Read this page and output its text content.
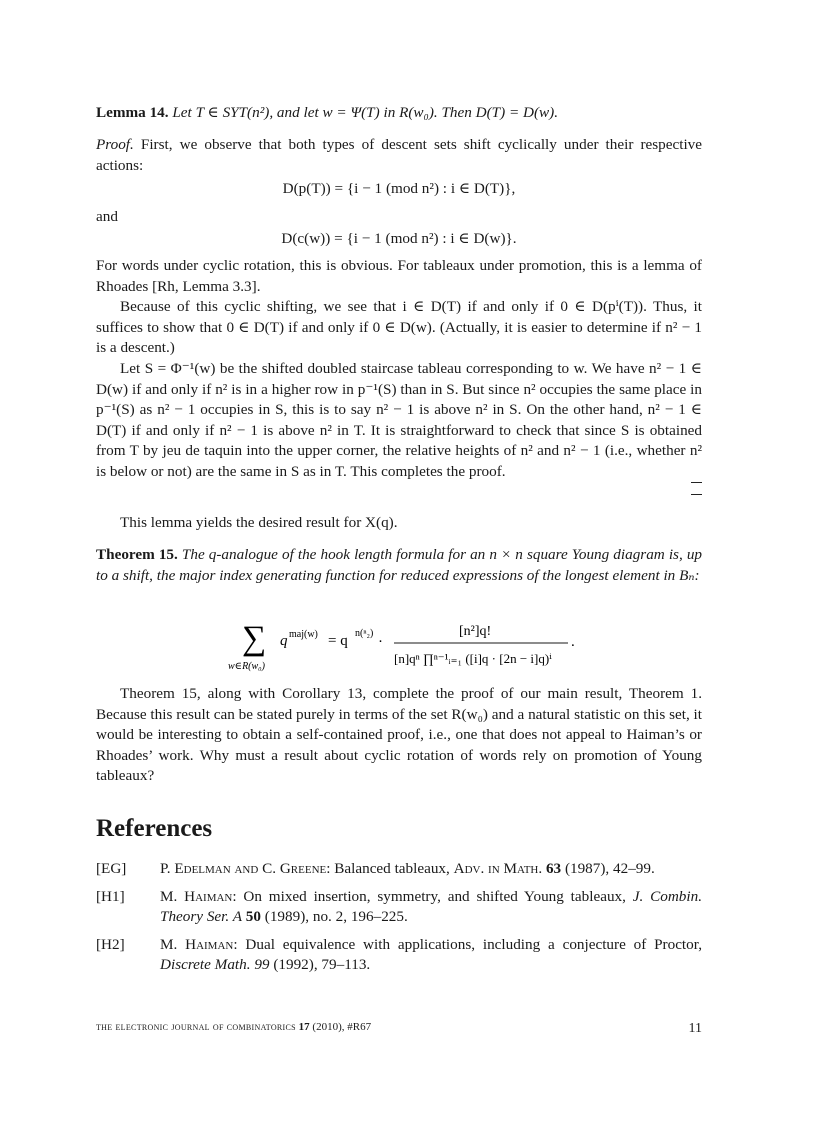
Lemma 14. Let T ∈ SYT(n²), and let w = Ψ(T) in R(w₀). Then D(T) = D(w).

Proof. First, we observe that both types of descent sets shift cyclically under their respective actions:

D(p(T)) = {i − 1 (mod n²) : i ∈ D(T)},

and

D(c(w)) = {i − 1 (mod n²) : i ∈ D(w)}.

For words under cyclic rotation, this is obvious. For tableaux under promotion, this is a lemma of Rhoades [Rh, Lemma 3.3].

Because of this cyclic shifting, we see that i ∈ D(T) if and only if 0 ∈ D(pⁱ(T)). Thus, it suffices to show that 0 ∈ D(T) if and only if 0 ∈ D(w). (Actually, it is easier to determine if n² − 1 is a descent.)

Let S = Φ⁻¹(w) be the shifted doubled staircase tableau corresponding to w. We have n² − 1 ∈ D(w) if and only if n² is in a higher row in p⁻¹(S) than in S. But since n² occupies the same place in p⁻¹(S) as n² − 1 occupies in S, this is to say n² − 1 is above n² in S. On the other hand, n² − 1 ∈ D(T) if and only if n² − 1 is above n² in T. It is straightforward to check that since S is obtained from T by jeu de taquin into the upper corner, the relative heights of n² and n² − 1 (i.e., whether n² is below or not) are the same in S as in T. This completes the proof.

This lemma yields the desired result for X(q).

Theorem 15. The q-analogue of the hook length formula for an n × n square Young diagram is, up to a shift, the major index generating function for reduced expressions of the longest element in Bₙ:

∑
w∈R(w₀)
q maj(w) = q n(ⁿ₂)
·
[n²]q!
[n]qⁿ ∏ⁿ⁻¹ᵢ₌₁ ([i]q · [2n − i]q)ⁱ
.

Theorem 15, along with Corollary 13, complete the proof of our main result, Theorem 1. Because this result can be stated purely in terms of the set R(w₀) and a natural statistic on this set, it would be interesting to obtain a self-contained proof, i.e., one that does not appeal to Haiman’s or Rhoades’ work. Why must a result about cyclic rotation of words rely on promotion of Young tableaux?

References
[EG]	P. Edelman and C. Greene: Balanced tableaux, Adv. in Math. 63 (1987), 42–99.
[H1]	M. Haiman: On mixed insertion, symmetry, and shifted Young tableaux, J. Combin. Theory Ser. A 50 (1989), no. 2, 196–225.
[H2]	M. Haiman: Dual equivalence with applications, including a conjecture of Proctor, Discrete Math. 99 (1992), 79–113.
the electronic journal of combinatorics 17 (2010), #R67	11
